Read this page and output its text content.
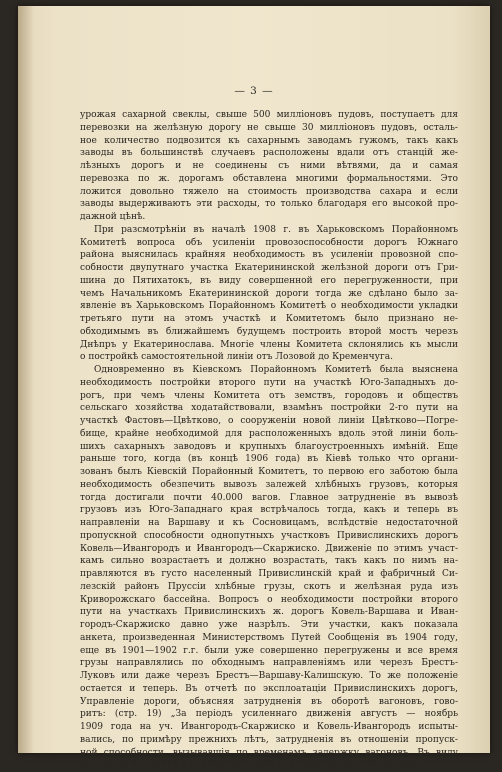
— 3 —
урожая сахарной свеклы, свыше 500 милліоновъ пудовъ, поступаетъ для
перевозки на желѣзную дорогу не свыше 30 милліоновъ пудовъ, осталь-
ное количество подвозится къ сахарнымъ заводамъ гужомъ, такъ какъ
заводы въ большинствѣ случаевъ расположены вдали отъ станцій же-
лѣзныхъ дорогъ и не соединены съ ними вѣтвями, да и самая
перевозка по ж. дорогамъ обставлена многими формальностями. Это
ложится довольно тяжело на стоимость производства сахара и если
заводы выдерживаютъ эти расходы, то только благодаря его высокой про-
дажной цѣнѣ.
При разсмотрѣніи въ началѣ 1908 г. въ Харьковскомъ Порайонномъ
Комитетѣ вопроса объ усиленіи провозоспособности дорогъ Южнаго
района выяснилась крайняя необходимость въ усиленіи провозной спо-
собности двупутнаго участка Екатерининской желѣзной дороги отъ Гри-
шина до Пятихатокъ, въ виду совершенной его перегруженности, при
чемъ Начальникомъ Екатерининской дороги тогда же сдѣлано было за-
явленіе въ Харьковскомъ Порайонномъ Комитетѣ о необходимости укладки
третьяго пути на этомъ участкѣ и Комитетомъ было признано не-
обходимымъ въ ближайшемъ будущемъ построить второй мостъ черезъ
Днѣпръ у Екатеринослава. Многіе члены Комитета склонялись къ мысли
о постройкѣ самостоятельной линіи отъ Лозовой до Кременчуга.
Одновременно въ Кіевскомъ Порайонномъ Комитетѣ была выяснена
необходимость постройки второго пути на участкѣ Юго-Западныхъ до-
рогъ, при чемъ члены Комитета отъ земствъ, городовъ и обществъ
сельскаго хозяйства ходатайствовали, взамѣнъ постройки 2-го пути на
участкѣ Фастовъ—Цвѣтково, о сооруженіи новой линіи Цвѣтково—Погре-
бище, крайне необходимой для расположенныхъ вдоль этой линіи боль-
шихъ сахарныхъ заводовъ и крупныхъ благоустроенныхъ имѣній. Еще
раньше того, когда (въ концѣ 1906 года) въ Кіевѣ только что органи-
зованъ былъ Кіевскій Порайонный Комитетъ, то первою его заботою была
необходимость обезпечить вывозъ залежей хлѣбныхъ грузовъ, которыя
тогда достигали почти 40.000 вагов. Главное затрудненіе въ вывозѣ
грузовъ изъ Юго-Западнаго края встрѣчалось тогда, какъ и теперь въ
направленіи на Варшаву и къ Сосновицамъ, вслѣдствіе недостаточной
пропускной способности однопутныхъ участковъ Привислинскихъ дорогъ
Ковель—Ивангородъ и Ивангородъ—Скаржиско. Движеніе по этимъ участ-
камъ сильно возрастаетъ и должно возрастать, такъ какъ по нимъ на-
правляются въ густо населенный Привислинскій край и фабричный Си-
лезскій районъ Пруссіи хлѣбные грузы, скотъ и желѣзная руда изъ
Криворожскаго бассейна. Вопросъ о необходимости постройки второго
пути на участкахъ Привислинскихъ ж. дорогъ Ковель-Варшава и Иван-
городъ-Скаржиско давно уже назрѣлъ. Эти участки, какъ показала
анкета, произведенная Министерствомъ Путей Сообщенія въ 1904 году,
еще въ 1901—1902 г.г. были уже совершенно перегружены и все время
грузы направлялись по обходнымъ направленіямъ или черезъ Брестъ-
Луковъ или даже черезъ Брестъ—Варшаву-Калишскую. То же положеніе
остается и теперь. Въ отчетѣ по эксплоатаціи Привислинскихъ дорогъ,
Управленіе дороги, объясняя затрудненія въ оборотѣ вагоновъ, гово-
ритъ: (стр. 19) „За періодъ усиленнаго движенія августъ — ноябрь
1909 года на уч. Ивангородъ-Скаржиско и Ковель-Ивангородъ испыты-
вались, по примѣру прежнихъ лѣтъ, затрудненія въ отношеніи пропуск-
ной способности, вызывавшія по временамъ задержку вагоновъ. Въ виду
скопленія въ ноябрѣ и декабрѣ вагоновъ для Ивангородъ—Домбровского
